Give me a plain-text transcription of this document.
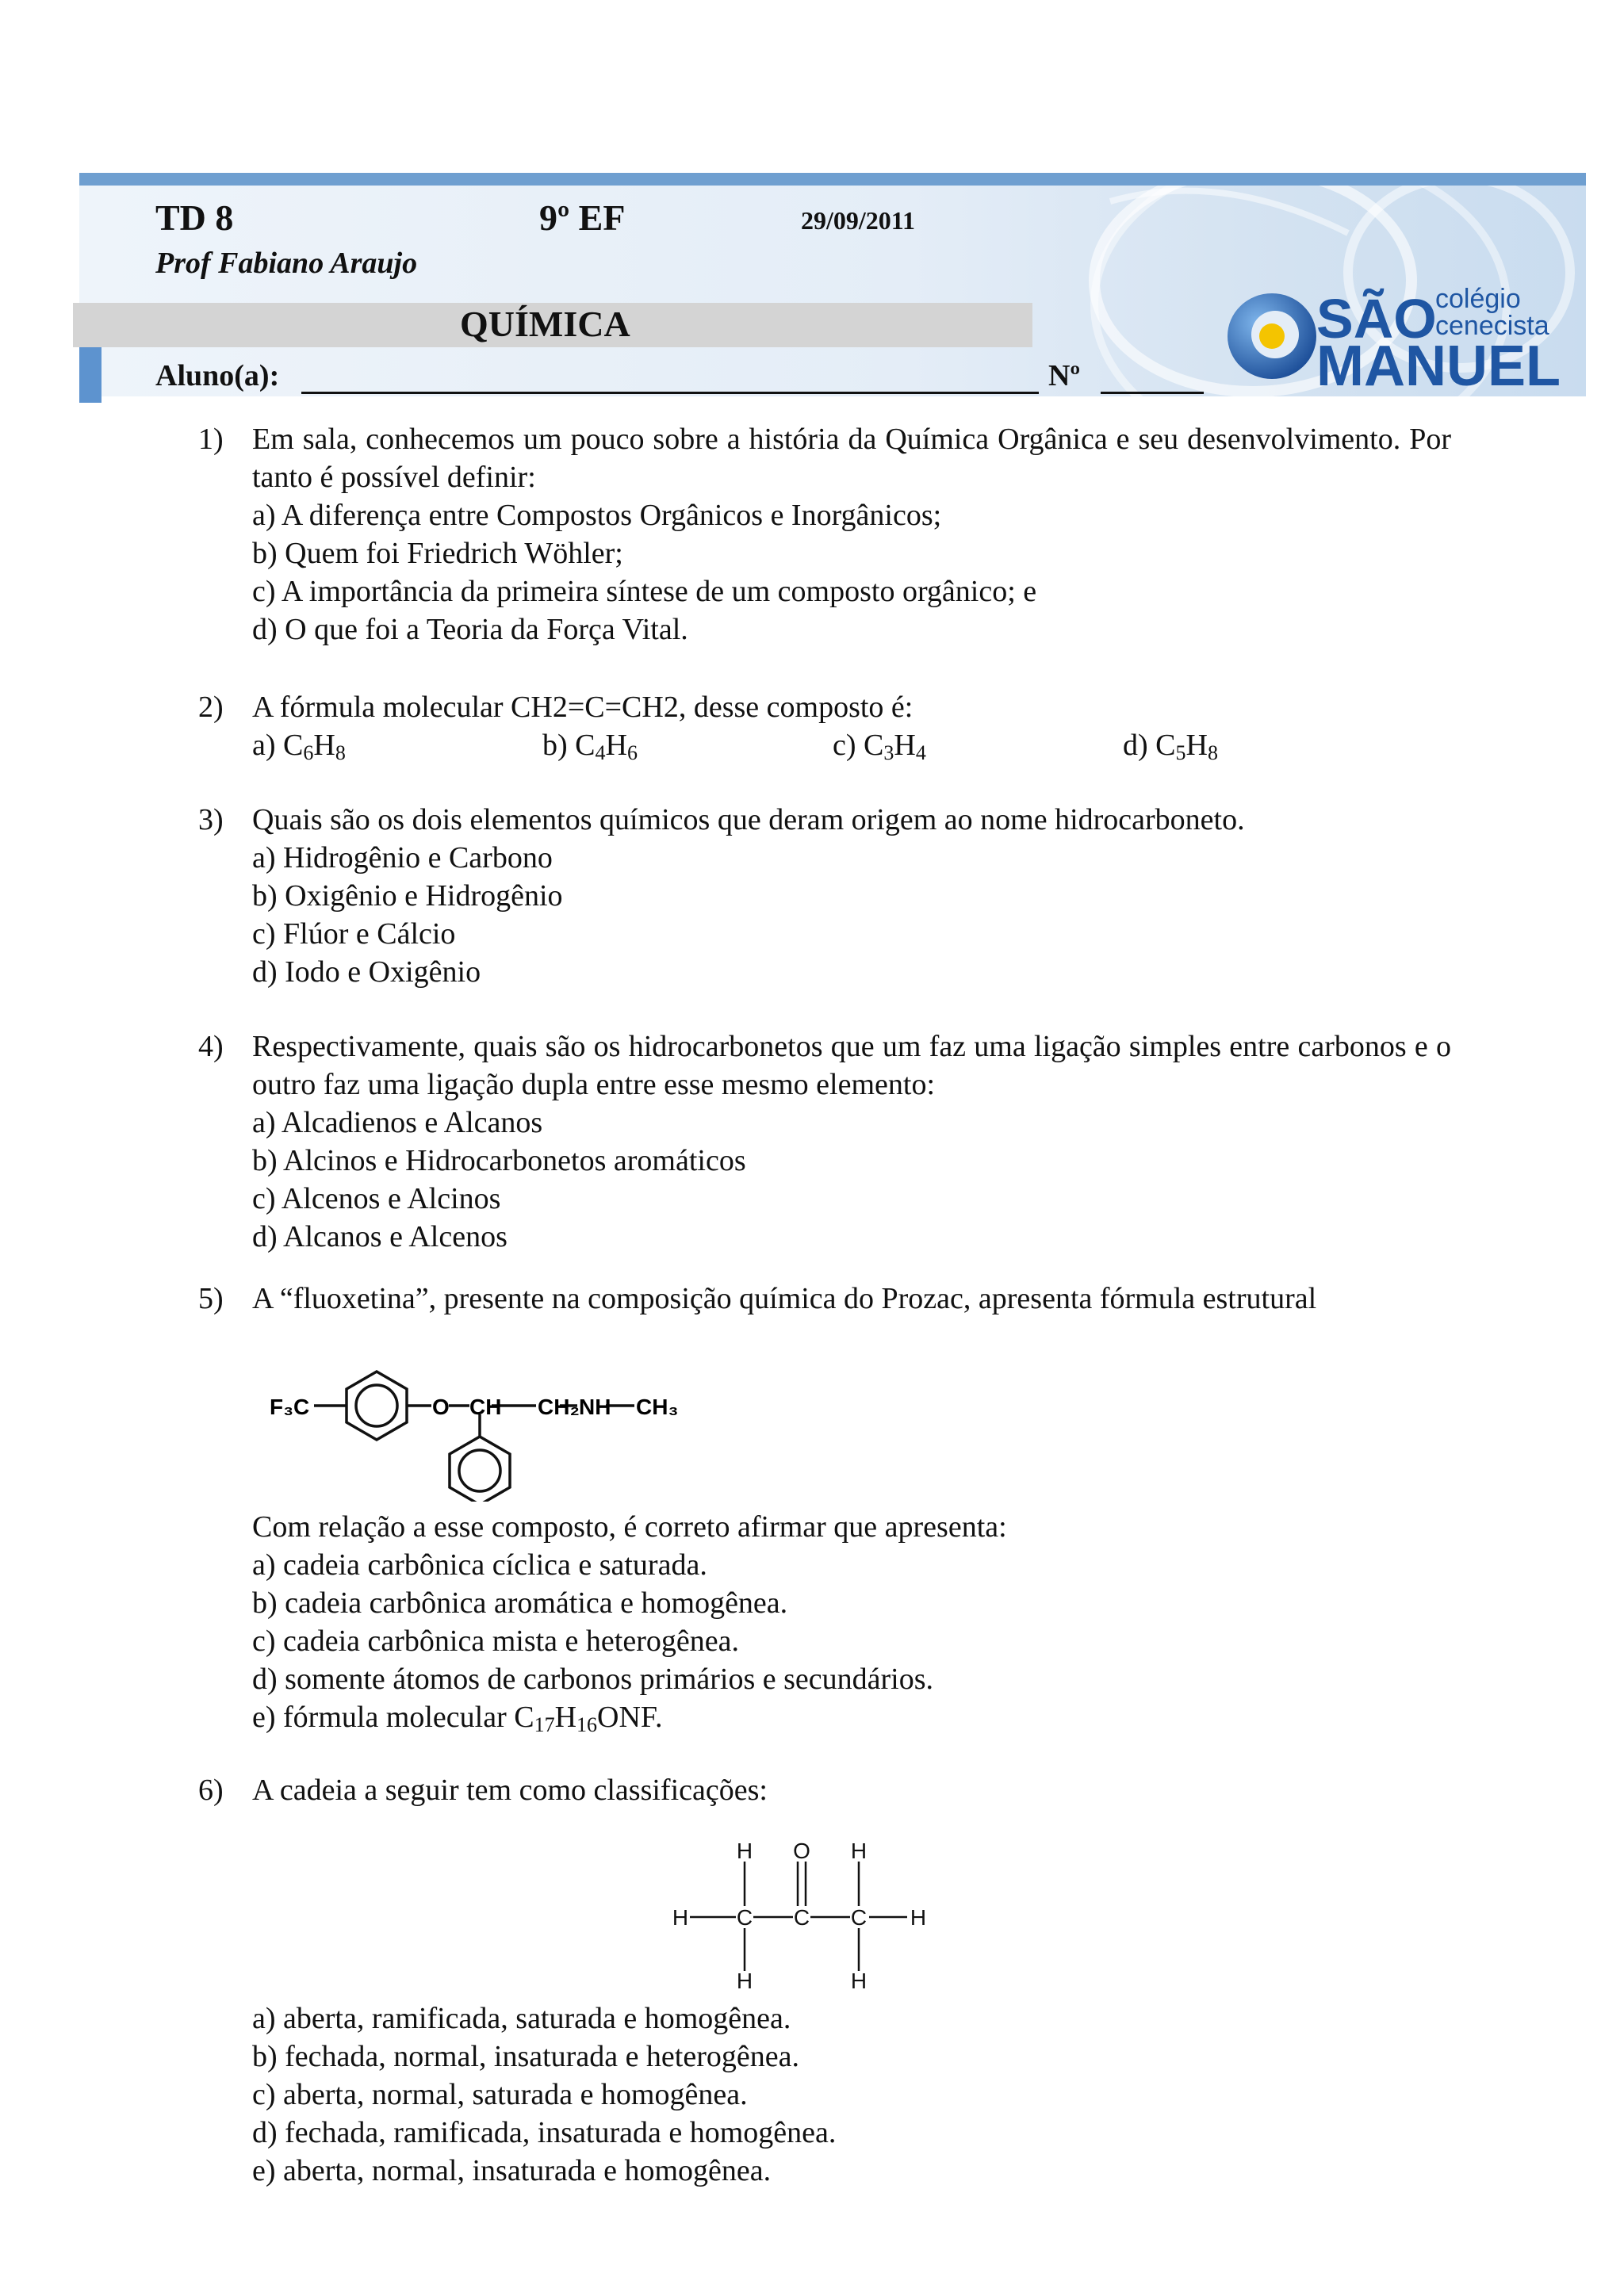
TD 8	9º EF	29/09/2011
Prof Fabiano Araujo
QUÍMICA
Aluno(a):	Nº
SÃO
MANUEL
colégio
cenecista
1) Em sala, conhecemos um pouco sobre a história da Química Orgânica e seu desenvolvimento. Por tanto é possível definir:
a) A diferença entre Compostos Orgânicos e Inorgânicos;
b) Quem foi Friedrich Wöhler;
c) A importância da primeira síntese de um composto orgânico; e
d) O que foi a Teoria da Força Vital.
2) A fórmula molecular CH2=C=CH2, desse composto é:
a) $C_6H_8$	b) $C_4H_6$	c) $C_3H_4$	d) $C_5H_8$
3) Quais são os dois elementos químicos que deram origem ao nome hidrocarboneto.
a) Hidrogênio e Carbono
b) Oxigênio e Hidrogênio
c) Flúor e Cálcio
d) Iodo e Oxigênio
4) Respectivamente, quais são os hidrocarbonetos que um faz uma ligação simples entre carbonos e o outro faz uma ligação dupla entre esse mesmo elemento:
a) Alcadienos e Alcanos
b) Alcinos e Hidrocarbonetos aromáticos
c) Alcenos e Alcinos
d) Alcanos e Alcenos
5) A “fluoxetina”, presente na composição química do Prozac, apresenta fórmula estrutural
F₃C	O CH CH₂ NH CH₃
Com relação a esse composto, é correto afirmar que apresenta:
a) cadeia carbônica cíclica e saturada.
b) cadeia carbônica aromática e homogênea.
c) cadeia carbônica mista e heterogênea.
d) somente átomos de carbonos primários e secundários.
e) fórmula molecular $C_{17}H_{16}ONF$.
6) A cadeia a seguir tem como classificações:
H O H
H C C C H
H	H
a) aberta, ramificada, saturada e homogênea.
b) fechada, normal, insaturada e heterogênea.
c) aberta, normal, saturada e homogênea.
d) fechada, ramificada, insaturada e homogênea.
e) aberta, normal, insaturada e homogênea.
